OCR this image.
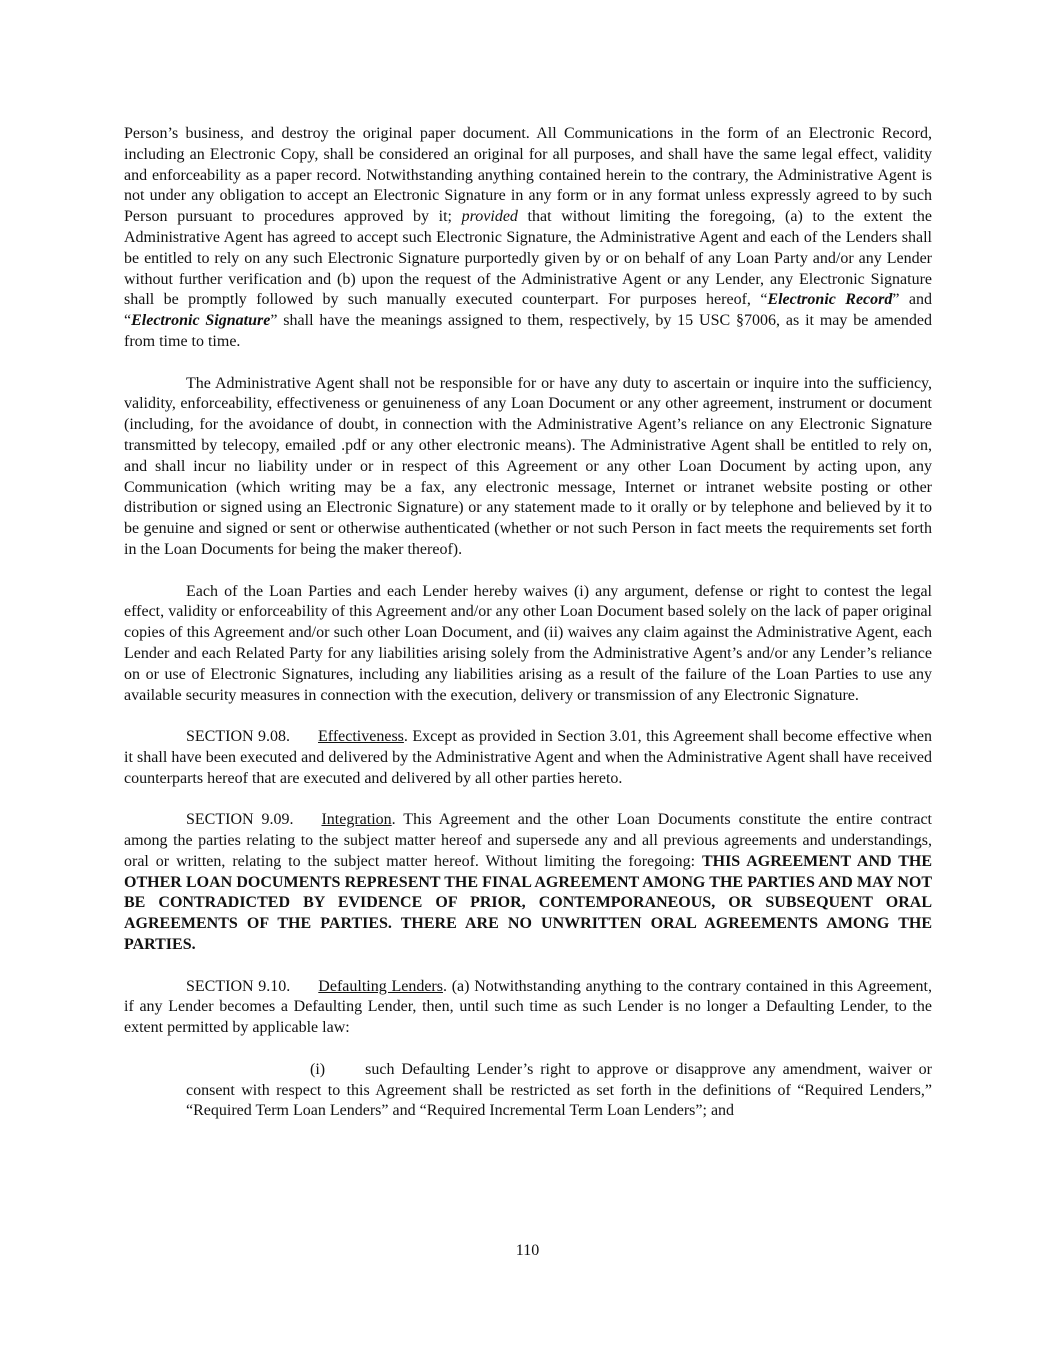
Person’s business, and destroy the original paper document. All Communications in the form of an Electronic Record, including an Electronic Copy, shall be considered an original for all purposes, and shall have the same legal effect, validity and enforceability as a paper record. Notwithstanding anything contained herein to the contrary, the Administrative Agent is not under any obligation to accept an Electronic Signature in any form or in any format unless expressly agreed to by such Person pursuant to procedures approved by it; provided that without limiting the foregoing, (a) to the extent the Administrative Agent has agreed to accept such Electronic Signature, the Administrative Agent and each of the Lenders shall be entitled to rely on any such Electronic Signature purportedly given by or on behalf of any Loan Party and/or any Lender without further verification and (b) upon the request of the Administrative Agent or any Lender, any Electronic Signature shall be promptly followed by such manually executed counterpart. For purposes hereof, “Electronic Record” and “Electronic Signature” shall have the meanings assigned to them, respectively, by 15 USC §7006, as it may be amended from time to time.

The Administrative Agent shall not be responsible for or have any duty to ascertain or inquire into the sufficiency, validity, enforceability, effectiveness or genuineness of any Loan Document or any other agreement, instrument or document (including, for the avoidance of doubt, in connection with the Administrative Agent’s reliance on any Electronic Signature transmitted by telecopy, emailed .pdf or any other electronic means). The Administrative Agent shall be entitled to rely on, and shall incur no liability under or in respect of this Agreement or any other Loan Document by acting upon, any Communication (which writing may be a fax, any electronic message, Internet or intranet website posting or other distribution or signed using an Electronic Signature) or any statement made to it orally or by telephone and believed by it to be genuine and signed or sent or otherwise authenticated (whether or not such Person in fact meets the requirements set forth in the Loan Documents for being the maker thereof).

Each of the Loan Parties and each Lender hereby waives (i) any argument, defense or right to contest the legal effect, validity or enforceability of this Agreement and/or any other Loan Document based solely on the lack of paper original copies of this Agreement and/or such other Loan Document, and (ii) waives any claim against the Administrative Agent, each Lender and each Related Party for any liabilities arising solely from the Administrative Agent’s and/or any Lender’s reliance on or use of Electronic Signatures, including any liabilities arising as a result of the failure of the Loan Parties to use any available security measures in connection with the execution, delivery or transmission of any Electronic Signature.

SECTION 9.08. Effectiveness. Except as provided in Section 3.01, this Agreement shall become effective when it shall have been executed and delivered by the Administrative Agent and when the Administrative Agent shall have received counterparts hereof that are executed and delivered by all other parties hereto.

SECTION 9.09. Integration. This Agreement and the other Loan Documents constitute the entire contract among the parties relating to the subject matter hereof and supersede any and all previous agreements and understandings, oral or written, relating to the subject matter hereof. Without limiting the foregoing: THIS AGREEMENT AND THE OTHER LOAN DOCUMENTS REPRESENT THE FINAL AGREEMENT AMONG THE PARTIES AND MAY NOT BE CONTRADICTED BY EVIDENCE OF PRIOR, CONTEMPORANEOUS, OR SUBSEQUENT ORAL AGREEMENTS OF THE PARTIES. THERE ARE NO UNWRITTEN ORAL AGREEMENTS AMONG THE PARTIES.

SECTION 9.10. Defaulting Lenders. (a) Notwithstanding anything to the contrary contained in this Agreement, if any Lender becomes a Defaulting Lender, then, until such time as such Lender is no longer a Defaulting Lender, to the extent permitted by applicable law:

(i)	such Defaulting Lender’s right to approve or disapprove any amendment, waiver or consent with respect to this Agreement shall be restricted as set forth in the definitions of “Required Lenders,” “Required Term Loan Lenders” and “Required Incremental Term Loan Lenders”; and

110
